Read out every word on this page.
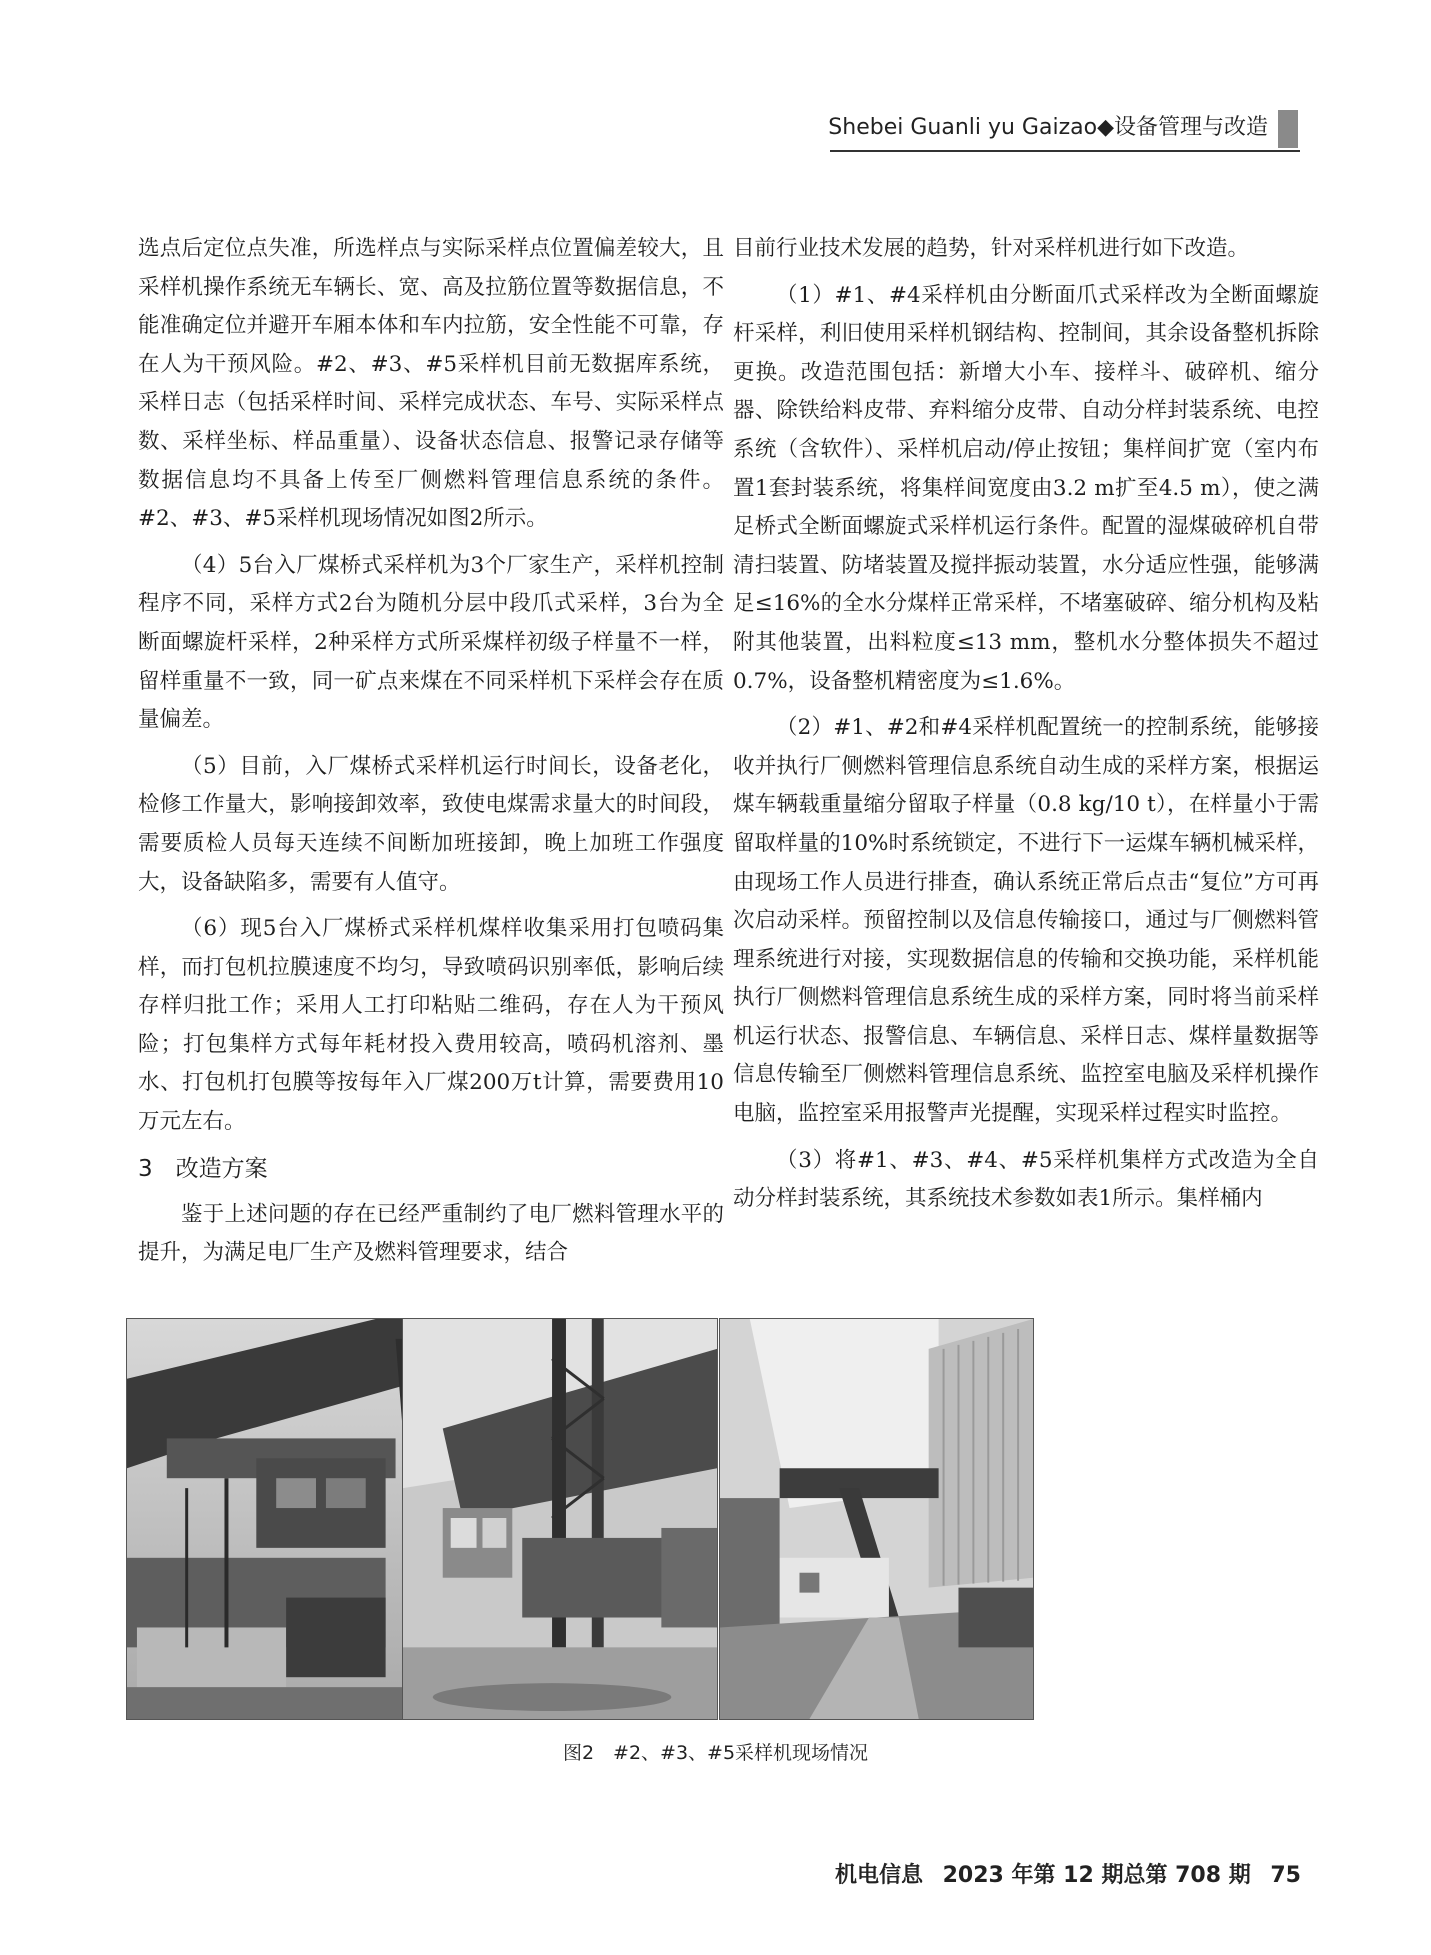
Shebei Guanli yu Gaizao◆设备管理与改造

选点后定位点失准，所选样点与实际采样点位置偏差较大，且采样机操作系统无车辆长、宽、高及拉筋位置等数据信息，不能准确定位并避开车厢本体和车内拉筋，安全性能不可靠，存在人为干预风险。#2、#3、#5采样机目前无数据库系统，采样日志（包括采样时间、采样完成状态、车号、实际采样点数、采样坐标、样品重量）、设备状态信息、报警记录存储等数据信息均不具备上传至厂侧燃料管理信息系统的条件。#2、#3、#5采样机现场情况如图2所示。

（4）5台入厂煤桥式采样机为3个厂家生产，采样机控制程序不同，采样方式2台为随机分层中段爪式采样，3台为全断面螺旋杆采样，2种采样方式所采煤样初级子样量不一样，留样重量不一致，同一矿点来煤在不同采样机下采样会存在质量偏差。

（5）目前，入厂煤桥式采样机运行时间长，设备老化，检修工作量大，影响接卸效率，致使电煤需求量大的时间段，需要质检人员每天连续不间断加班接卸，晚上加班工作强度大，设备缺陷多，需要有人值守。

（6）现5台入厂煤桥式采样机煤样收集采用打包喷码集样，而打包机拉膜速度不均匀，导致喷码识别率低，影响后续存样归批工作；采用人工打印粘贴二维码，存在人为干预风险；打包集样方式每年耗材投入费用较高，喷码机溶剂、墨水、打包机打包膜等按每年入厂煤200万t计算，需要费用10万元左右。

3　改造方案

鉴于上述问题的存在已经严重制约了电厂燃料管理水平的提升，为满足电厂生产及燃料管理要求，结合

目前行业技术发展的趋势，针对采样机进行如下改造。

（1）#1、#4采样机由分断面爪式采样改为全断面螺旋杆采样，利旧使用采样机钢结构、控制间，其余设备整机拆除更换。改造范围包括：新增大小车、接样斗、破碎机、缩分器、除铁给料皮带、弃料缩分皮带、自动分样封装系统、电控系统（含软件）、采样机启动/停止按钮；集样间扩宽（室内布置1套封装系统，将集样间宽度由3.2 m扩至4.5 m），使之满足桥式全断面螺旋式采样机运行条件。配置的湿煤破碎机自带清扫装置、防堵装置及搅拌振动装置，水分适应性强，能够满足≤16%的全水分煤样正常采样，不堵塞破碎、缩分机构及粘附其他装置，出料粒度≤13 mm，整机水分整体损失不超过0.7%，设备整机精密度为≤1.6%。

（2）#1、#2和#4采样机配置统一的控制系统，能够接收并执行厂侧燃料管理信息系统自动生成的采样方案，根据运煤车辆载重量缩分留取子样量（0.8 kg/10 t），在样量小于需留取样量的10%时系统锁定，不进行下一运煤车辆机械采样，由现场工作人员进行排查，确认系统正常后点击“复位”方可再次启动采样。预留控制以及信息传输接口，通过与厂侧燃料管理系统进行对接，实现数据信息的传输和交换功能，采样机能执行厂侧燃料管理信息系统生成的采样方案，同时将当前采样机运行状态、报警信息、车辆信息、采样日志、煤样量数据等信息传输至厂侧燃料管理信息系统、监控室电脑及采样机操作电脑，监控室采用报警声光提醒，实现采样过程实时监控。

（3）将#1、#3、#4、#5采样机集样方式改造为全自动分样封装系统，其系统技术参数如表1所示。集样桶内

图2　#2、#3、#5采样机现场情况
机电信息 2023 年第 12 期总第 708 期 75
